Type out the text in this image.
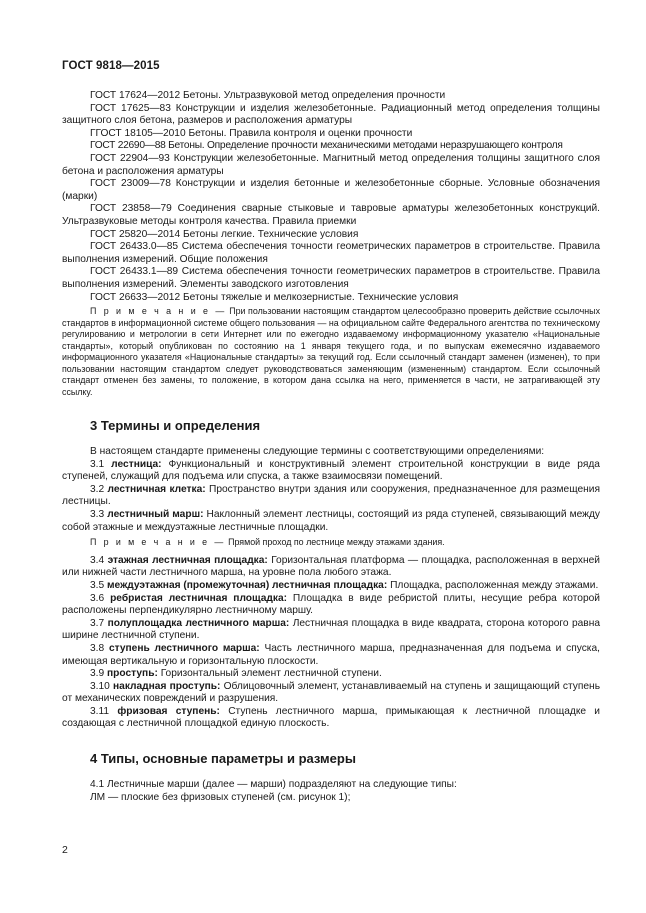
ГОСТ 9818—2015

ГОСТ 17624—2012 Бетоны. Ультразвуковой метод определения прочности

ГОСТ 17625—83 Конструкции и изделия железобетонные. Радиационный метод определения толщины защитного слоя бетона, размеров и расположения арматуры

ГГОСТ 18105—2010 Бетоны. Правила контроля и оценки прочности

ГОСТ 22690—88 Бетоны. Определение прочности механическими методами неразрушающего контроля

ГОСТ 22904—93 Конструкции железобетонные. Магнитный метод определения толщины защитного слоя бетона и расположения арматуры

ГОСТ 23009—78 Конструкции и изделия бетонные и железобетонные сборные. Условные обозначения (марки)

ГОСТ 23858—79 Соединения сварные стыковые и тавровые арматуры железобетонных конструкций. Ультразвуковые методы контроля качества. Правила приемки

ГОСТ 25820—2014 Бетоны легкие. Технические условия

ГОСТ 26433.0—85 Система обеспечения точности геометрических параметров в строительстве. Правила выполнения измерений. Общие положения

ГОСТ 26433.1—89 Система обеспечения точности геометрических параметров в строительстве. Правила выполнения измерений. Элементы заводского изготовления

ГОСТ 26633—2012 Бетоны тяжелые и мелкозернистые. Технические условия

П р и м е ч а н и е — При пользовании настоящим стандартом целесообразно проверить действие ссылочных стандартов в информационной системе общего пользования — на официальном сайте Федерального агентства по техническому регулированию и метрологии в сети Интернет или по ежегодно издаваемому информационному указателю «Национальные стандарты», который опубликован по состоянию на 1 января текущего года, и по выпускам ежемесячно издаваемого информационного указателя «Национальные стандарты» за текущий год. Если ссылочный стандарт заменен (изменен), то при пользовании настоящим стандартом следует руководствоваться заменяющим (измененным) стандартом. Если ссылочный стандарт отменен без замены, то положение, в котором дана ссылка на него, применяется в части, не затрагивающей эту ссылку.

3 Термины и определения

В настоящем стандарте применены следующие термины с соответствующими определениями:

3.1 лестница: Функциональный и конструктивный элемент строительной конструкции в виде ряда ступеней, служащий для подъема или спуска, а также взаимосвязи помещений.

3.2 лестничная клетка: Пространство внутри здания или сооружения, предназначенное для размещения лестницы.

3.3 лестничный марш: Наклонный элемент лестницы, состоящий из ряда ступеней, связывающий между собой этажные и междуэтажные лестничные площадки.

П р и м е ч а н и е — Прямой проход по лестнице между этажами здания.

3.4 этажная лестничная площадка: Горизонтальная платформа — площадка, расположенная в верхней или нижней части лестничного марша, на уровне пола любого этажа.

3.5 междуэтажная (промежуточная) лестничная площадка: Площадка, расположенная между этажами.

3.6 ребристая лестничная площадка: Площадка в виде ребристой плиты, несущие ребра которой расположены перпендикулярно лестничному маршу.

3.7 полуплощадка лестничного марша: Лестничная площадка в виде квадрата, сторона которого равна ширине лестничной ступени.

3.8 ступень лестничного марша: Часть лестничного марша, предназначенная для подъема и спуска, имеющая вертикальную и горизонтальную плоскости.

3.9 проступь: Горизонтальный элемент лестничной ступени.

3.10 накладная проступь: Облицовочный элемент, устанавливаемый на ступень и защищающий ступень от механических повреждений и разрушения.

3.11 фризовая ступень: Ступень лестничного марша, примыкающая к лестничной площадке и создающая с лестничной площадкой единую плоскость.

4 Типы, основные параметры и размеры

4.1 Лестничные марши (далее — марши) подразделяют на следующие типы:

ЛМ — плоские без фризовых ступеней (см. рисунок 1);

2
